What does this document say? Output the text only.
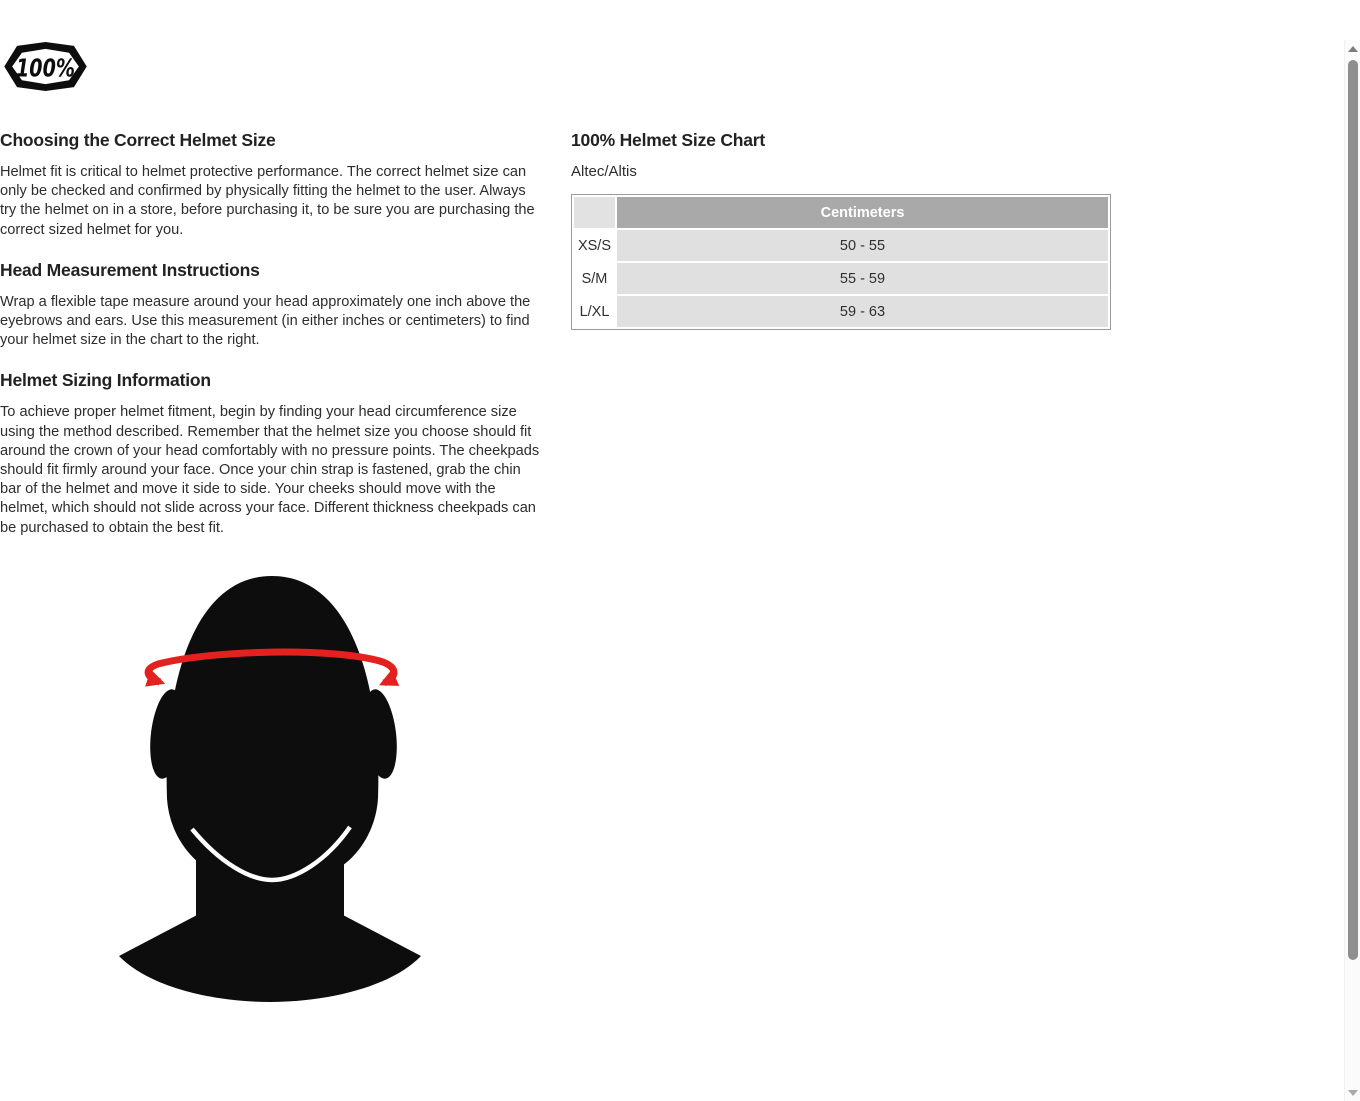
100%
Choosing the Correct Helmet Size

Helmet fit is critical to helmet protective performance. The correct helmet size can only be checked and confirmed by physically fitting the helmet to the user. Always try the helmet on in a store, before purchasing it, to be sure you are purchasing the correct sized helmet for you.

Head Measurement Instructions

Wrap a flexible tape measure around your head approximately one inch above the eyebrows and ears. Use this measurement (in either inches or centimeters) to find your helmet size in the chart to the right.

Helmet Sizing Information

To achieve proper helmet fitment, begin by finding your head circumference size using the method described. Remember that the helmet size you choose should fit around the crown of your head comfortably with no pressure points. The cheekpads should fit firmly around your face. Once your chin strap is fastened, grab the chin bar of the helmet and move it side to side. Your cheeks should move with the helmet, which should not slide across your face. Different thickness cheekpads can be purchased to obtain the best fit.

100% Helmet Size Chart
Altec/Altis
	Centimeters
XS/S	50 - 55
S/M	55 - 59
L/XL	59 - 63
